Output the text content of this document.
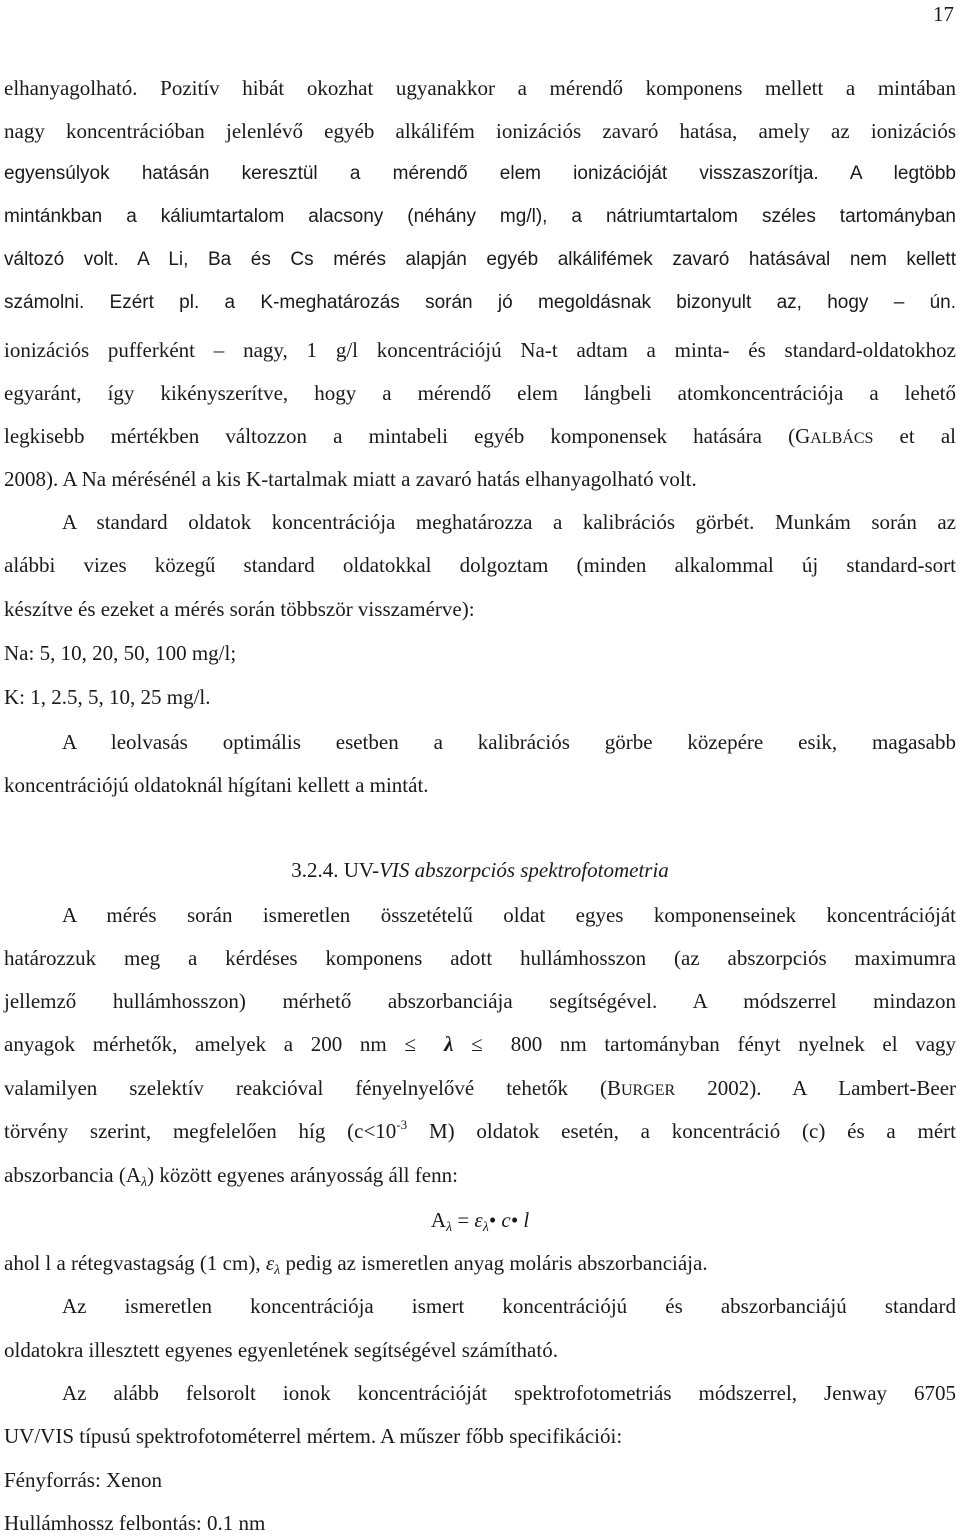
17
elhanyagolható. Pozitív hibát okozhat ugyanakkor a mérendő komponens mellett a mintában
nagy koncentrációban jelenlévő egyéb alkálifém ionizációs zavaró hatása, amely az ionizációs
egyensúlyok hatásán keresztül a mérendő elem ionizációját visszaszorítja. A legtöbb
mintánkban a káliumtartalom alacsony (néhány mg/l), a nátriumtartalom széles tartományban
változó volt. A Li, Ba és Cs mérés alapján egyéb alkálifémek zavaró hatásával nem kellett
számolni. Ezért pl. a K-meghatározás során jó megoldásnak bizonyult az, hogy – ún.
ionizációs pufferként – nagy, 1 g/l koncentrációjú Na-t adtam a minta- és standard-oldatokhoz
egyaránt, így kikényszerítve, hogy a mérendő elem lángbeli atomkoncentrációja a lehető
legkisebb mértékben változzon a mintabeli egyéb komponensek hatására (GALBÁCS et al
2008). A Na mérésénél a kis K-tartalmak miatt a zavaró hatás elhanyagolható volt.
A standard oldatok koncentrációja meghatározza a kalibrációs görbét. Munkám során az
alábbi vizes közegű standard oldatokkal dolgoztam (minden alkalommal új standard-sort
készítve és ezeket a mérés során többször visszamérve):
Na: 5, 10, 20, 50, 100 mg/l;
K: 1, 2.5, 5, 10, 25 mg/l.
A leolvasás optimális esetben a kalibrációs görbe közepére esik, magasabb
koncentrációjú oldatoknál hígítani kellett a mintát.
3.2.4. UV-VIS abszorpciós spektrofotometria
A mérés során ismeretlen összetételű oldat egyes komponenseinek koncentrációját
határozzuk meg a kérdéses komponens adott hullámhosszon (az abszorpciós maximumra
jellemző hullámhosszon) mérhető abszorbanciája segítségével. A módszerrel mindazon
anyagok mérhetők, amelyek a 200 nm ≤ λ ≤ 800 nm tartományban fényt nyelnek el vagy
valamilyen szelektív reakcióval fényelnyelővé tehetők (BURGER 2002). A Lambert-Beer
törvény szerint, megfelelően híg ($c<10^{-3}$ M) oldatok esetén, a koncentráció (c) és a mért
abszorbancia $(A_\lambda)$ között egyenes arányosság áll fenn:
$A_\lambda$ = $\varepsilon_\lambda•$ c• l
ahol l a rétegvastagság (1 cm), $\varepsilon_\lambda$ pedig az ismeretlen anyag moláris abszorbanciája.
Az ismeretlen koncentrációja ismert koncentrációjú és abszorbanciájú standard
oldatokra illesztett egyenes egyenletének segítségével számítható.
Az alább felsorolt ionok koncentrációját spektrofotometriás módszerrel, Jenway 6705
UV/VIS típusú spektrofotométerrel mértem. A műszer főbb specifikációi:
Fényforrás: Xenon
Hullámhossz felbontás: 0.1 nm
